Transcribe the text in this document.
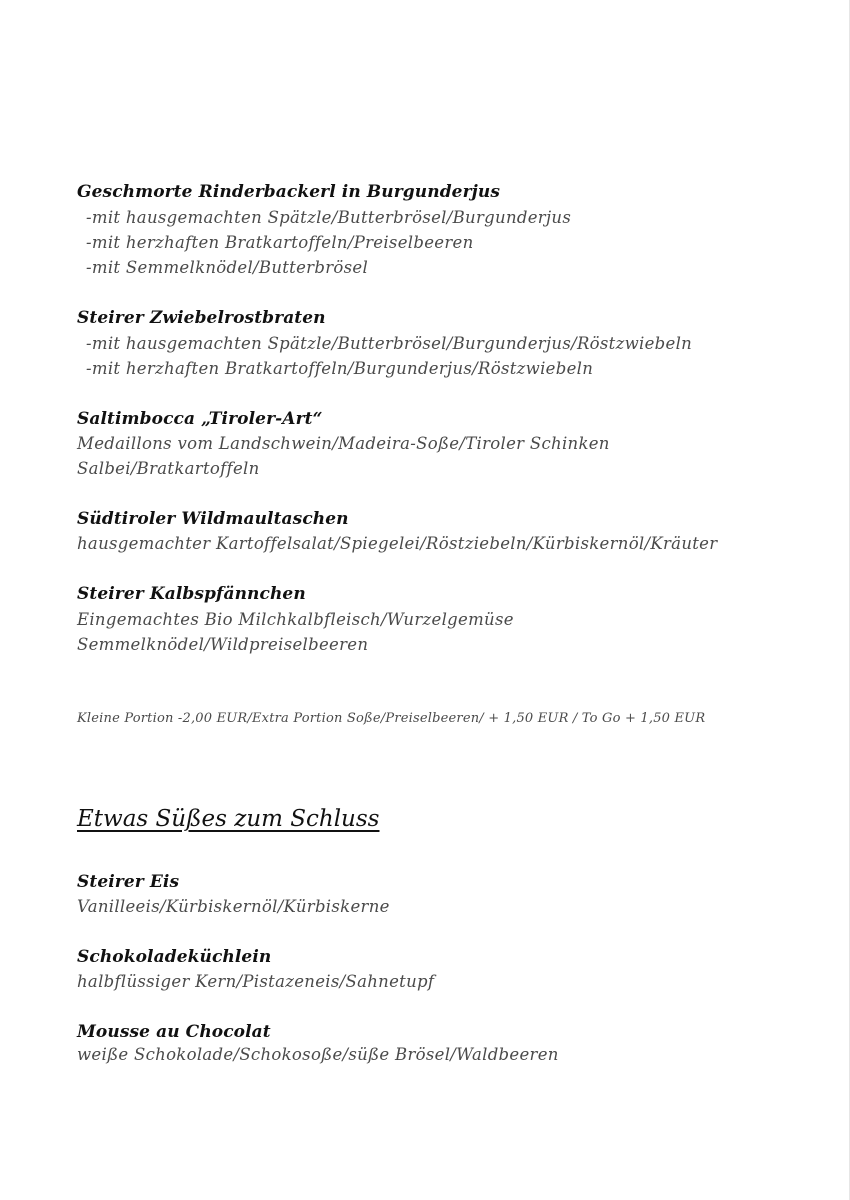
Geschmorte Rinderbackerl in Burgunderjus
-mit hausgemachten Spätzle/Butterbrösel/Burgunderjus
-mit herzhaften Bratkartoffeln/Preiselbeeren
-mit Semmelknödel/Butterbrösel
Steirer Zwiebelrostbraten
-mit hausgemachten Spätzle/Butterbrösel/Burgunderjus/Röstzwiebeln
-mit herzhaften Bratkartoffeln/Burgunderjus/Röstzwiebeln
Saltimbocca „Tiroler-Art“
Medaillons vom Landschwein/Madeira-Soße/Tiroler Schinken
Salbei/Bratkartoffeln
Südtiroler Wildmaultaschen
hausgemachter Kartoffelsalat/Spiegelei/Röstziebeln/Kürbiskernöl/Kräuter
Steirer Kalbspfännchen
Eingemachtes Bio Milchkalbfleisch/Wurzelgemüse
Semmelknödel/Wildpreiselbeeren
Kleine Portion -2,00 EUR/Extra Portion Soße/Preiselbeeren/ + 1,50 EUR / To Go + 1,50 EUR
Etwas Süßes zum Schluss
Steirer Eis
Vanilleeis/Kürbiskernöl/Kürbiskerne
Schokoladeküchlein
halbflüssiger Kern/Pistazeneis/Sahnetupf
Mousse au Chocolat
weiße Schokolade/Schokosoße/süße Brösel/Waldbeeren
